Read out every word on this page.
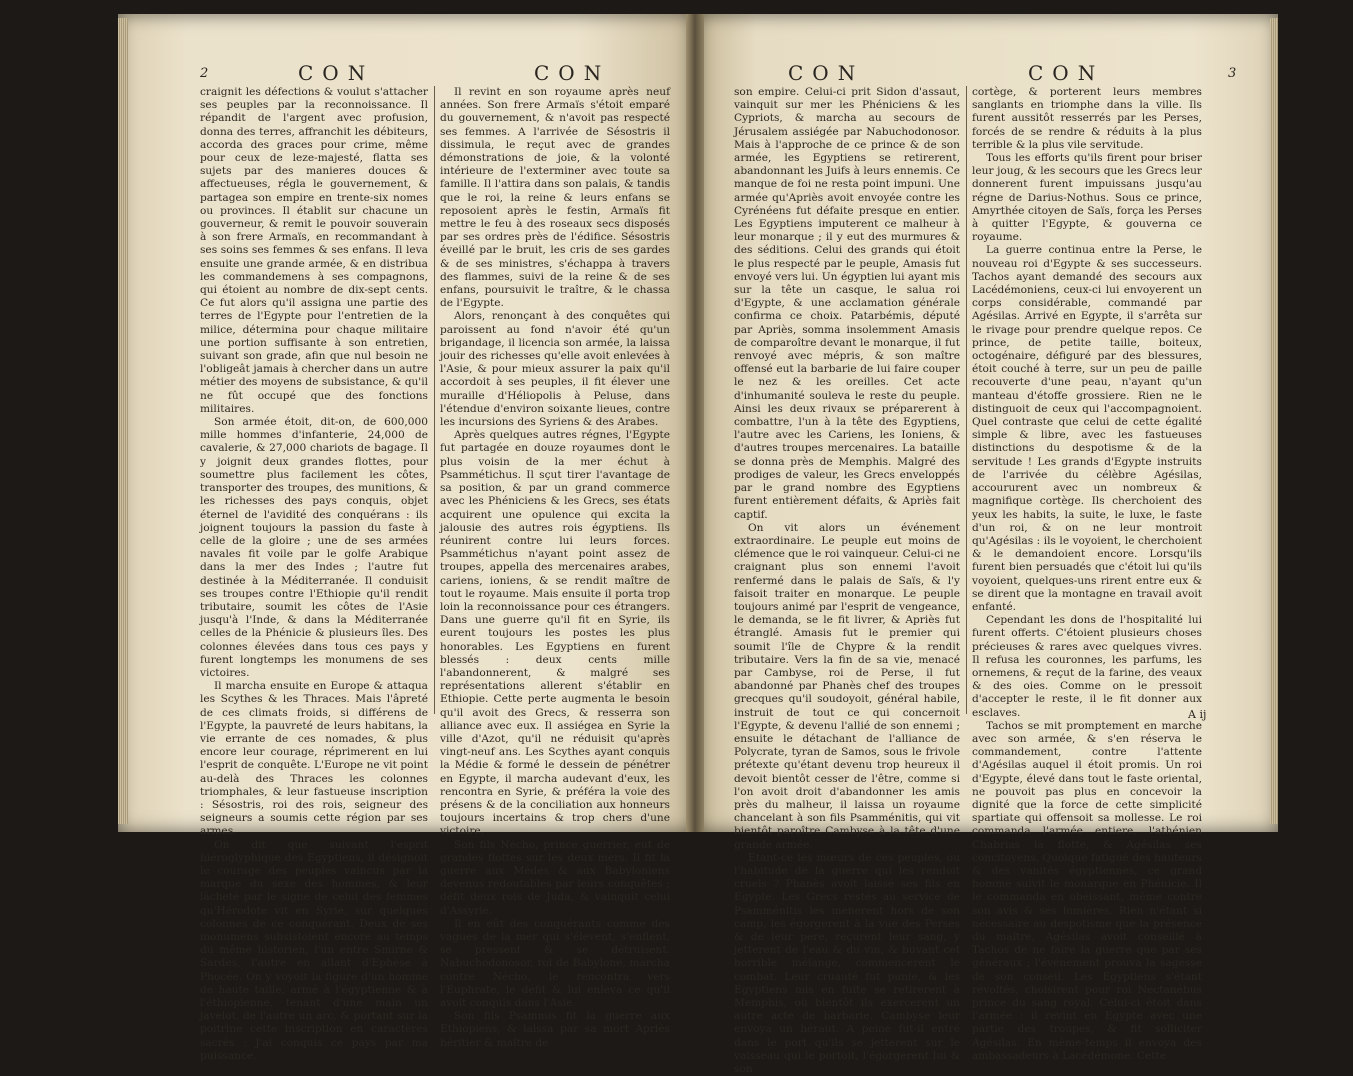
2	CON	CON

craignit les défections & voulut s'attacher ses peuples par la reconnoissance. Il répandit de l'argent avec profusion, donna des terres, affranchit les débiteurs, accorda des graces pour crime, même pour ceux de leze-majesté, flatta ses sujets par des manieres douces & affectueuses, régla le gouvernement, & partagea son empire en trente-six nomes ou provinces. Il établit sur chacune un gouverneur, & remit le pouvoir souverain à son frere Armaïs, en recommandant à ses soins ses femmes & ses enfans. Il leva ensuite une grande armée, & en distribua les commandemens à ses compagnons, qui étoient au nombre de dix-sept cents. Ce fut alors qu'il assigna une partie des terres de l'Egypte pour l'entretien de la milice, détermina pour chaque militaire une portion suffisante à son entretien, suivant son grade, afin que nul besoin ne l'obligeât jamais à chercher dans un autre métier des moyens de subsistance, & qu'il ne fût occupé que des fonctions militaires.

Son armée étoit, dit-on, de 600,000 mille hommes d'infanterie, 24,000 de cavalerie, & 27,000 chariots de bagage. Il y joignit deux grandes flottes, pour soumettre plus facilement les côtes, transporter des troupes, des munitions, & les richesses des pays conquis, objet éternel de l'avidité des conquérans : ils joignent toujours la passion du faste à celle de la gloire ; une de ses armées navales fit voile par le golfe Arabique dans la mer des Indes ; l'autre fut destinée à la Méditerranée. Il conduisit ses troupes contre l'Ethiopie qu'il rendit tributaire, soumit les côtes de l'Asie jusqu'à l'Inde, & dans la Méditerranée celles de la Phénicie & plusieurs îles. Des colonnes élevées dans tous ces pays y furent longtemps les monumens de ses victoires.

Il marcha ensuite en Europe & attaqua les Scythes & les Thraces. Mais l'âpreté de ces climats froids, si différens de l'Egypte, la pauvreté de leurs habitans, la vie errante de ces nomades, & plus encore leur courage, réprimerent en lui l'esprit de conquête. L'Europe ne vit point au-delà des Thraces les colonnes triomphales, & leur fastueuse inscription : Sésostris, roi des rois, seigneur des seigneurs a soumis cette région par ses armes.

On dit que suivant l'esprit hiéroglyphique des Egyptiens, il désignoit le courage des peuples vaincus par la marque du sexe des hommes, & leur lâcheté par le signe de celui des femmes qu'Hérodote vit en Syrie, sur quelques colonnes de ce conquérant. Deux de ses monumens subsistoient encore au temps du même historien, l'un entre Smirne & Sardes, l'autre en allant d'Ephèse à Phocée. On y voyoit la figure d'un homme de haute taille, armé à l'égyptienne & à l'éthiopienne, tenant d'une main un javelot, de l'autre un arc, & portant sur la poitrine cette inscription en caractères sacrés : J'ai conquis ce pays par ma puissance.

Il revint en son royaume après neuf années. Son frere Armaïs s'étoit emparé du gouvernement, & n'avoit pas respecté ses femmes. A l'arrivée de Sésostris il dissimula, le reçut avec de grandes démonstrations de joie, & la volonté intérieure de l'exterminer avec toute sa famille. Il l'attira dans son palais, & tandis que le roi, la reine & leurs enfans se reposoient après le festin, Armaïs fit mettre le feu à des roseaux secs disposés par ses ordres près de l'édifice. Sésostris éveillé par le bruit, les cris de ses gardes & de ses ministres, s'échappa à travers des flammes, suivi de la reine & de ses enfans, poursuivit le traître, & le chassa de l'Egypte.

Alors, renonçant à des conquêtes qui paroissent au fond n'avoir été qu'un brigandage, il licencia son armée, la laissa jouir des richesses qu'elle avoit enlevées à l'Asie, & pour mieux assurer la paix qu'il accordoit à ses peuples, il fit élever une muraille d'Héliopolis à Peluse, dans l'étendue d'environ soixante lieues, contre les incursions des Syriens & des Arabes.

Après quelques autres régnes, l'Egypte fut partagée en douze royaumes dont le plus voisin de la mer échut à Psammétichus. Il sçut tirer l'avantage de sa position, & par un grand commerce avec les Phéniciens & les Grecs, ses états acquirent une opulence qui excita la jalousie des autres rois égyptiens. Ils réunirent contre lui leurs forces. Psammétichus n'ayant point assez de troupes, appella des mercenaires arabes, cariens, ioniens, & se rendit maître de tout le royaume. Mais ensuite il porta trop loin la reconnoissance pour ces étrangers. Dans une guerre qu'il fit en Syrie, ils eurent toujours les postes les plus honorables. Les Egyptiens en furent blessés : deux cents mille l'abandonnerent, & malgré ses représentations allerent s'établir en Ethiopie. Cette perte augmenta le besoin qu'il avoit des Grecs, & resserra son alliance avec eux. Il assiégea en Syrie la ville d'Azot, qu'il ne réduisit qu'après vingt-neuf ans. Les Scythes ayant conquis la Médie & formé le dessein de pénétrer en Egypte, il marcha audevant d'eux, les rencontra en Syrie, & préféra la voie des présens & de la conciliation aux honneurs toujours incertains & trop chers d'une victoire.

Son fils Nécho, prince guerrier, eut de grandes flottes sur les deux mers. Il fit la guerre aux Médes & aux Babyloniens devenus redoutables par leurs conquêtes ; défit deux rois de Juda, & vainquit celui d'Assyrie.

Il en eût des conquérants comme des vagues de la mer qui s'élevent, s'enflent, se pressent & se détruisent. Nabuchodonosor, roi de Babylone, marcha contre Nécho, le rencontra vers l'Euphrate, le défit & lui enleva ce qu'il avoit conquis dans l'Asie.

Son fils Psammis fit la guerre aux Ethiopiens, & laissa par sa mort Apriès héritier & maître de

CON	CON	3

son empire. Celui-ci prit Sidon d'assaut, vainquit sur mer les Phéniciens & les Cypriots, & marcha au secours de Jérusalem assiégée par Nabuchodonosor. Mais à l'approche de ce prince & de son armée, les Egyptiens se retirerent, abandonnant les Juifs à leurs ennemis. Ce manque de foi ne resta point impuni. Une armée qu'Apriès avoit envoyée contre les Cyrénéens fut défaite presque en entier. Les Egyptiens imputerent ce malheur à leur monarque ; il y eut des murmures & des séditions. Celui des grands qui étoit le plus respecté par le peuple, Amasis fut envoyé vers lui. Un égyptien lui ayant mis sur la tête un casque, le salua roi d'Egypte, & une acclamation générale confirma ce choix. Patarbémis, député par Apriès, somma insolemment Amasis de comparoître devant le monarque, il fut renvoyé avec mépris, & son maître offensé eut la barbarie de lui faire couper le nez & les oreilles. Cet acte d'inhumanité souleva le reste du peuple. Ainsi les deux rivaux se préparerent à combattre, l'un à la tête des Egyptiens, l'autre avec les Cariens, les Ioniens, & d'autres troupes mercenaires. La bataille se donna près de Memphis. Malgré des prodiges de valeur, les Grecs enveloppés par le grand nombre des Egyptiens furent entièrement défaits, & Apriès fait captif.

On vit alors un événement extraordinaire. Le peuple eut moins de clémence que le roi vainqueur. Celui-ci ne craignant plus son ennemi l'avoit renfermé dans le palais de Saïs, & l'y faisoit traiter en monarque. Le peuple toujours animé par l'esprit de vengeance, le demanda, se le fit livrer, & Apriès fut étranglé. Amasis fut le premier qui soumit l'île de Chypre & la rendit tributaire. Vers la fin de sa vie, menacé par Cambyse, roi de Perse, il fut abandonné par Phanès chef des troupes grecques qu'il soudoyoit, général habile, instruit de tout ce qui concernoit l'Egypte, & devenu l'allié de son ennemi ; ensuite le détachant de l'alliance de Polycrate, tyran de Samos, sous le frivole prétexte qu'étant devenu trop heureux il devoit bientôt cesser de l'être, comme si l'on avoit droit d'abandonner les amis près du malheur, il laissa un royaume chancelant à son fils Psamménitis, qui vit bientôt paroître Cambyse à la tête d'une grande armée.

Etant-ce les mœurs de ces peuples, ou l'habitude de la guerre qui les rendoit cruels ? Phanès avoit laissé ses fils en Egypte. Les Grecs restés au service de Psamménitis les menerent hors de son camp, les égorgerent à la vue des Perses & de leur pere, reçurent leur sang, y jetterent de l'eau & du vin, & buvant cet horrible mélange, commencerent le combat. Leur cruauté fut punie, & les Egyptiens mis en fuite se retirerent à Memphis, où bientôt ils exercerent un autre acte de barbarie. Cambyse leur envoya un héraut. A peine fut-il entré dans le port qu'ils se jetterent sur le vaisseau qui le portoit, l'égorgerent lui & son

cortège, & porterent leurs membres sanglants en triomphe dans la ville. Ils furent aussitôt resserrés par les Perses, forcés de se rendre & réduits à la plus terrible & la plus vile servitude.

Tous les efforts qu'ils firent pour briser leur joug, & les secours que les Grecs leur donnerent furent impuissans jusqu'au régne de Darius-Nothus. Sous ce prince, Amyrthée citoyen de Saïs, força les Perses à quitter l'Egypte, & gouverna ce royaume.

La guerre continua entre la Perse, le nouveau roi d'Egypte & ses successeurs. Tachos ayant demandé des secours aux Lacédémoniens, ceux-ci lui envoyerent un corps considérable, commandé par Agésilas. Arrivé en Egypte, il s'arrêta sur le rivage pour prendre quelque repos. Ce prince, de petite taille, boiteux, octogénaire, défiguré par des blessures, étoit couché à terre, sur un peu de paille recouverte d'une peau, n'ayant qu'un manteau d'étoffe grossiere. Rien ne le distinguoit de ceux qui l'accompagnoient. Quel contraste que celui de cette égalité simple & libre, avec les fastueuses distinctions du despotisme & de la servitude ! Les grands d'Egypte instruits de l'arrivée du célèbre Agésilas, accoururent avec un nombreux & magnifique cortège. Ils cherchoient des yeux les habits, la suite, le luxe, le faste d'un roi, & on ne leur montroit qu'Agésilas : ils le voyoient, le cherchoient & le demandoient encore. Lorsqu'ils furent bien persuadés que c'étoit lui qu'ils voyoient, quelques-uns rirent entre eux & se dirent que la montagne en travail avoit enfanté.

Cependant les dons de l'hospitalité lui furent offerts. C'étoient plusieurs choses précieuses & rares avec quelques vivres. Il refusa les couronnes, les parfums, les ornemens, & reçut de la farine, des veaux & des oies. Comme on le pressoit d'accepter le reste, il le fit donner aux esclaves.

Tachos se mit promptement en marche avec son armée, & s'en réserva le commandement, contre l'attente d'Agésilas auquel il étoit promis. Un roi d'Egypte, élevé dans tout le faste oriental, ne pouvoit pas plus en concevoir la dignité que la force de cette simplicité spartiate qui offensoit sa mollesse. Le roi commanda l'armée entiere, l'athénien Chabrias la flotte, & Agésilas ses concitoyens. Quoique fatigué des hauteurs & des vanités égyptiennes, ce grand homme suivit le monarque en Phénicie. Il le commanda en obéissant, même contre son avis & ses lumières. Rien n'étant si nécessaire au despotisme que la présence du maître, Agésilas avoit conseillé à Tachos de ne faire la guerre que par ses généraux ; l'événement prouva la sagesse de son conseil. Les Egyptiens s'étant révoltés, choisirent pour roi Nectanébus prince du sang royal. Celui-ci étoit dans l'armée : il revint en Egypte avec une partie des troupes, & fit solliciter Agésilas. En même-temps il envoya des ambassadeurs à Lacédémone. Cette

A ij
